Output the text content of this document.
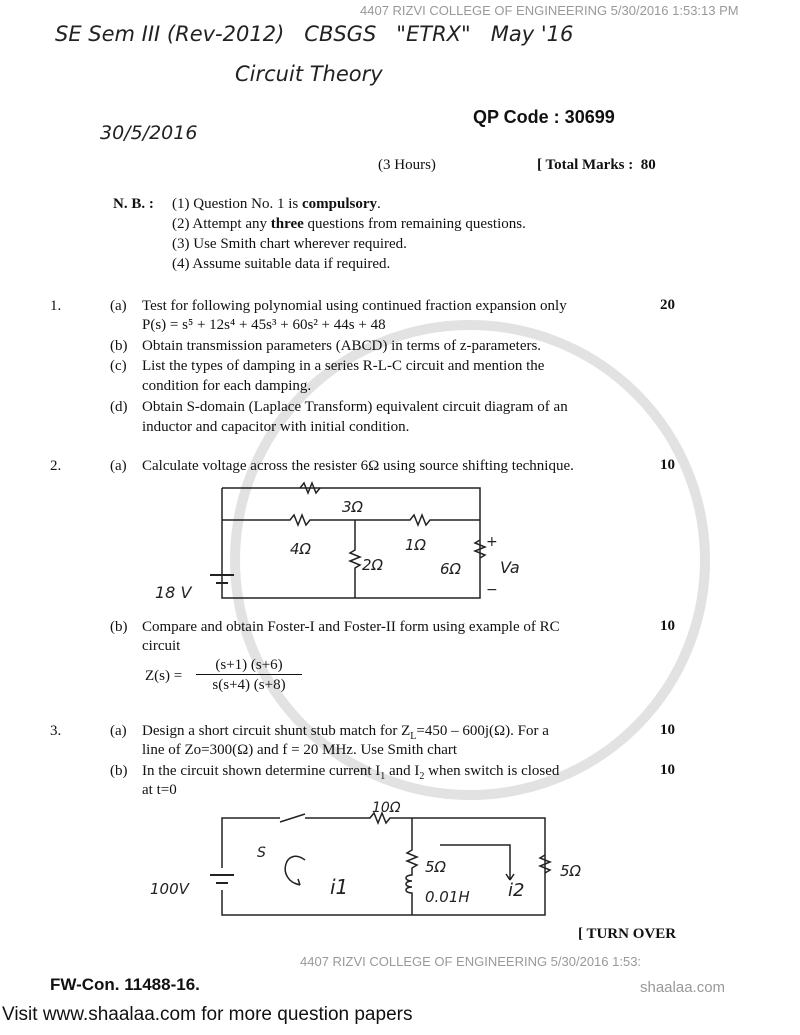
4407 RIZVI COLLEGE OF ENGINEERING 5/30/2016 1:53:
4407 RIZVI COLLEGE OF ENGINEERING 5/30/2016 1:53:13 PM
shaalaa.com
SE Sem III (Rev-2012)   CBSGS   "ETRX"   May '16
Circuit Theory
30/5/2016
QP Code : 30699
(3 Hours)	[ Total Marks :  80
N. B. : (1) Question No. 1 is compulsory.
(2) Attempt any three questions from remaining questions.
(3) Use Smith chart wherever required.
(4) Assume suitable data if required.
1.	(a) Test for following polynomial using continued fraction expansion only	20
P(s) = s⁵ + 12s⁴ + 45s³ + 60s² + 44s + 48
(b) Obtain transmission parameters (ABCD) in terms of z-parameters.
(c) List the types of damping in a series R-L-C circuit and mention the
condition for each damping.
(d) Obtain S-domain (Laplace Transform) equivalent circuit diagram of an
inductor and capacitor with initial condition.
2.	(a) Calculate voltage across the resister 6Ω using source shifting technique.	10
3Ω
4Ω
2Ω
1Ω
6Ω
18 V
Va
+
−
(b) Compare and obtain Foster-I and Foster-II form using example of RC	10
circuit
Z(s) =
(s+1) (s+6)
s(s+4) (s+8)
3.	(a) Design a short circuit shunt stub match for $Z_L=450 - 600j(\Omega)$. For a	10
line of Zo=300(Ω) and f = 20 MHz. Use Smith chart
(b) In the circuit shown determine current $I_1$ and $I_2$ when switch is closed	10
at t=0
S
10Ω
5Ω
0.01H
5Ω
100V	i1	i2
[ TURN OVER
FW-Con. 11488-16.
Visit www.shaalaa.com for more question papers
